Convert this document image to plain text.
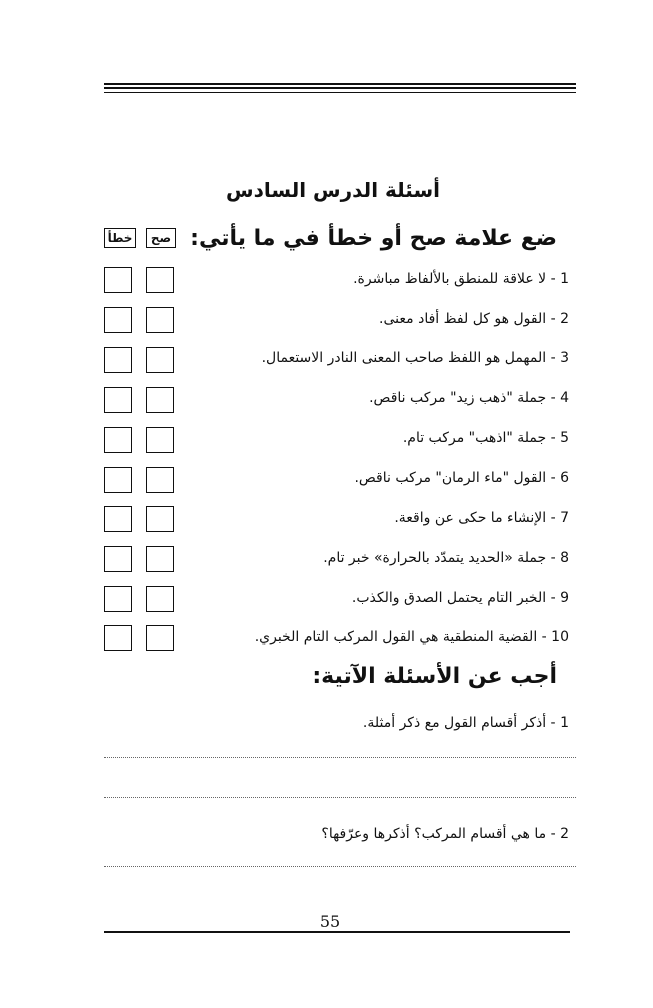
أسئلة الدرس السادس
ضع علامة صح أو خطأ في ما يأتي:
صح
خطأ
1 - لا علاقة للمنطق بالألفاظ مباشرة.
2 - القول هو كل لفظ أفاد معنى.
3 - المهمل هو اللفظ صاحب المعنى النادر الاستعمال.
4 - جملة "ذهب زيد" مركب ناقص.
5 - جملة "اذهب" مركب تام.
6 - القول "ماء الرمان" مركب ناقص.
7 - الإنشاء ما حكى عن واقعة.
8 - جملة «الحديد يتمدّد بالحرارة» خبر تام.
9 - الخبر التام يحتمل الصدق والكذب.
10 - القضية المنطقية هي القول المركب التام الخبري.
أجب عن الأسئلة الآتية:
1 - أذكر أقسام القول مع ذكر أمثلة.
2 - ما هي أقسام المركب؟ أذكرها وعرّفها؟
55
